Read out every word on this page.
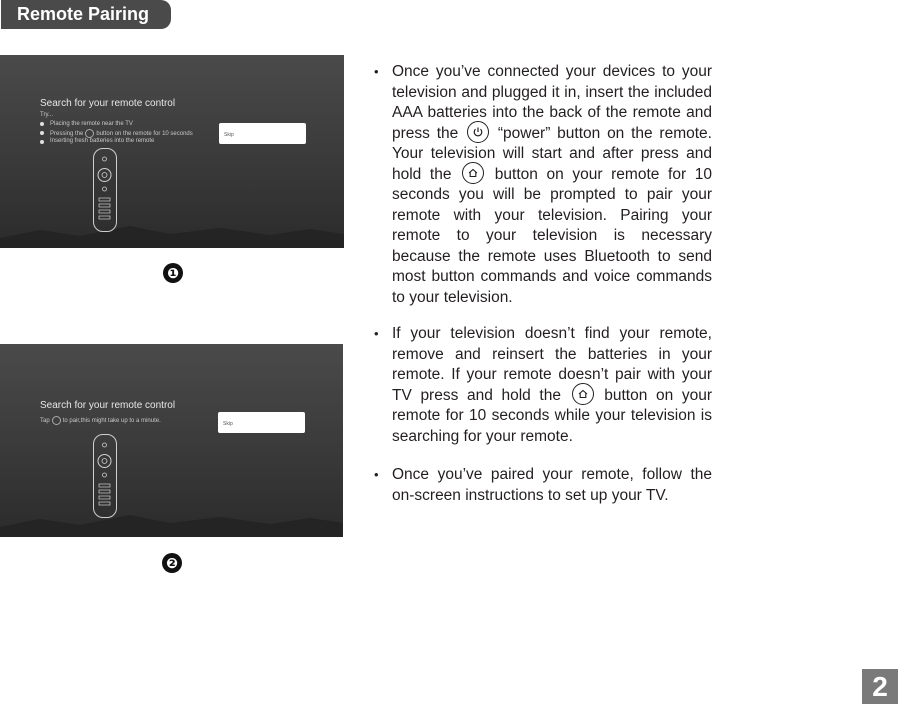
Remote Pairing
Search for your remote control
Try...
Placing the remote near the TV
Pressing the button on the remote for 10 seconds
Inserting fresh batteries into the remote
Skip
❶
Search for your remote control
Tap to pair,this might take up to a minute.	Skip
❷
• Once you’ve connected your devices to your television and plugged it in, insert the included AAA batteries into the back of the remote and press the	“power” button on the remote. Your television will start and after press and hold the	button on your remote for 10 seconds you will be prompted to pair your remote with your television. Pairing your remote to your television is necessary because the remote uses Bluetooth to send most button commands and voice commands to your television.
• If your television doesn’t find your remote, remove and reinsert the batteries in your remote. If your remote doesn’t pair with your TV press and hold the	button on your remote for 10 seconds while your television is searching for your remote.
• Once you’ve paired your remote, follow the on-screen instructions to set up your TV.
2
